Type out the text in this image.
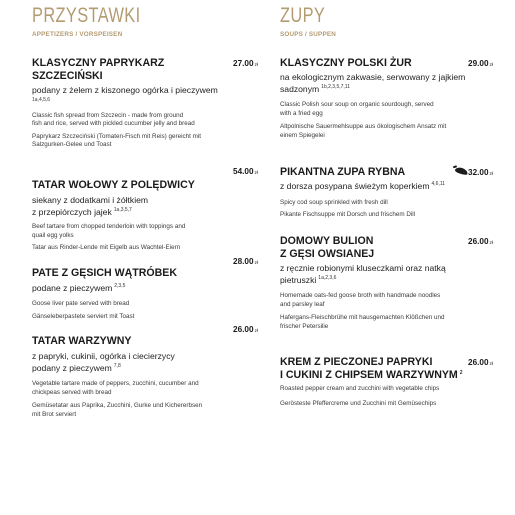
PRZYSTAWKI
APPETIZERS / VORSPEISEN
27.00zł
KLASYCZNY PAPRYKARZ
SZCZECIŃSKI
podany z żelem z kiszonego ogórka i pieczywem
1a,4,5,6
Classic fish spread from Szczecin - made from ground
fish and rice, served with pickled cucumber jelly and bread
Paprykarz Szczeciński (Tomaten-Fisch mit Reis) gereicht mit
Salzgurken-Gelee und Toast
54.00zł
TATAR WOŁOWY Z POLĘDWICY
siekany z dodatkami i żółtkiem
z przepiórczych jajek $^{1a,3,5,7}$
Beef tartare from chopped tenderloin with toppings and
quail egg yolks
Tatar aus Rinder-Lende mit Eigelb aus Wachtel-Eiern
28.00zł
PATE Z GĘSICH WĄTRÓBEK
podane z pieczywem $^{2,3,5}$
Goose liver pate served with bread
Gänseleberpastete serviert mit Toast
26.00zł
TATAR WARZYWNY
z papryki, cukinii, ogórka i ciecierzycy
podany z pieczywem $^{7,8}$
Vegetable tartare made of peppers, zucchini, cucumber and
chickpeas served with bread
Gemüsetatar aus Paprika, Zucchini, Gurke und Kichererbsen
mit Brot serviert
ZUPY
SOUPS / SUPPEN
29.00zł
KLASYCZNY POLSKI ŻUR
na ekologicznym zakwasie, serwowany z jajkiem
sadzonym $^{1b,2,3,5,7,11}$
Classic Polish sour soup on organic sourdough, served
with a fried egg
Altpolnische Sauermehlsuppe aus ökologischem Ansatz mit
einem Spiegelei
32.00zł
PIKANTNA ZUPA RYBNA
z dorsza posypana świeżym koperkiem $^{4,6,11}$
Spicy cod soup sprinkled with fresh dill
Pikante Fischsuppe mit Dorsch und frischem Dill
26.00zł
DOMOWY BULION
Z GĘSI OWSIANEJ
z ręcznie robionymi kluseczkami oraz natką
pietruszki $^{1a,2,3,6}$
Homemade oats-fed goose broth with handmade noodles
and parsley leaf
Hafergans-Fleischbrühe mit hausgemachten Klößchen und
frischer Petersilie
26.00zł
KREM Z PIECZONEJ PAPRYKI
I CUKINI Z CHIPSEM WARZYWNYM $^2$
Roasted pepper cream and zucchini with vegetable chips
Gerösteste Pfeffercreme und Zucchini mit Gemüsechips
